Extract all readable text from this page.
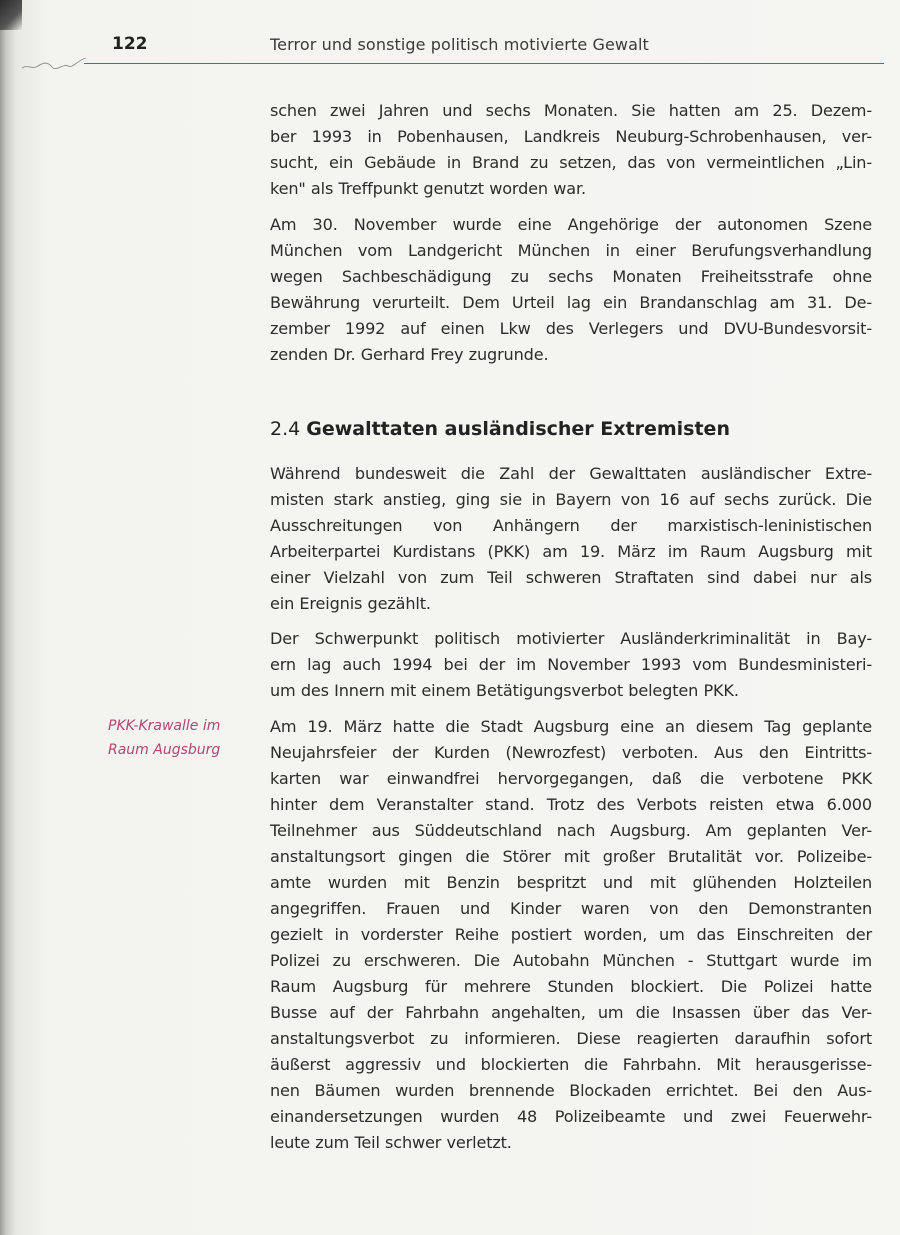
122	Terror und sonstige politisch motivierte Gewalt
schen zwei Jahren und sechs Monaten. Sie hatten am 25. Dezem-
ber 1993 in Pobenhausen, Landkreis Neuburg-Schrobenhausen, ver-
sucht, ein Gebäude in Brand zu setzen, das von vermeintlichen „Lin-
ken" als Treffpunkt genutzt worden war.
Am 30. November wurde eine Angehörige der autonomen Szene
München vom Landgericht München in einer Berufungsverhandlung
wegen Sachbeschädigung zu sechs Monaten Freiheitsstrafe ohne
Bewährung verurteilt. Dem Urteil lag ein Brandanschlag am 31. De-
zember 1992 auf einen Lkw des Verlegers und DVU-Bundesvorsit-
zenden Dr. Gerhard Frey zugrunde.
2.4 Gewalttaten ausländischer Extremisten
Während bundesweit die Zahl der Gewalttaten ausländischer Extre-
misten stark anstieg, ging sie in Bayern von 16 auf sechs zurück. Die
Ausschreitungen von Anhängern der marxistisch-leninistischen
Arbeiterpartei Kurdistans (PKK) am 19. März im Raum Augsburg mit
einer Vielzahl von zum Teil schweren Straftaten sind dabei nur als
ein Ereignis gezählt.
Der Schwerpunkt politisch motivierter Ausländerkriminalität in Bay-
ern lag auch 1994 bei der im November 1993 vom Bundesministeri-
um des Innern mit einem Betätigungsverbot belegten PKK.
PKK-Krawalle im
Raum Augsburg
Am 19. März hatte die Stadt Augsburg eine an diesem Tag geplante
Neujahrsfeier der Kurden (Newrozfest) verboten. Aus den Eintritts-
karten war einwandfrei hervorgegangen, daß die verbotene PKK
hinter dem Veranstalter stand. Trotz des Verbots reisten etwa 6.000
Teilnehmer aus Süddeutschland nach Augsburg. Am geplanten Ver-
anstaltungsort gingen die Störer mit großer Brutalität vor. Polizeibe-
amte wurden mit Benzin bespritzt und mit glühenden Holzteilen
angegriffen. Frauen und Kinder waren von den Demonstranten
gezielt in vorderster Reihe postiert worden, um das Einschreiten der
Polizei zu erschweren. Die Autobahn München - Stuttgart wurde im
Raum Augsburg für mehrere Stunden blockiert. Die Polizei hatte
Busse auf der Fahrbahn angehalten, um die Insassen über das Ver-
anstaltungsverbot zu informieren. Diese reagierten daraufhin sofort
äußerst aggressiv und blockierten die Fahrbahn. Mit herausgerisse-
nen Bäumen wurden brennende Blockaden errichtet. Bei den Aus-
einandersetzungen wurden 48 Polizeibeamte und zwei Feuerwehr-
leute zum Teil schwer verletzt.
